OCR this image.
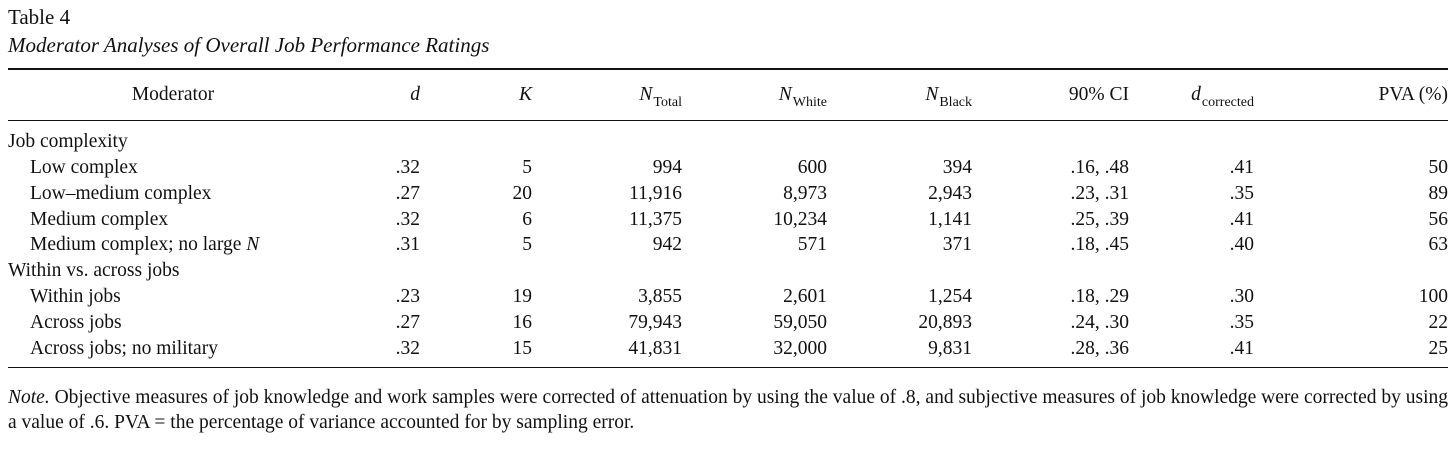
Table 4
Moderator Analyses of Overall Job Performance Ratings
Moderator	d	K	$N_{Total}$	$N_{White}$	$N_{Black}$	90% CI	$d_{corrected}$	PVA (%)

Job complexity								
Low complex	.32	5	994	600	394	.16, .48	.41	50
Low–medium complex	.27	20	11,916	8,973	2,943	.23, .31	.35	89
Medium complex	.32	6	11,375	10,234	1,141	.25, .39	.41	56
Medium complex; no large N	.31	5	942	571	371	.18, .45	.40	63
Within vs. across jobs								
Within jobs	.23	19	3,855	2,601	1,254	.18, .29	.30	100
Across jobs	.27	16	79,943	59,050	20,893	.24, .30	.35	22
Across jobs; no military	.32	15	41,831	32,000	9,831	.28, .36	.41	25

Note. Objective measures of job knowledge and work samples were corrected of attenuation by using the value of .8, and subjective measures of job knowledge were corrected by using a value of .6. PVA = the percentage of variance accounted for by sampling error.
